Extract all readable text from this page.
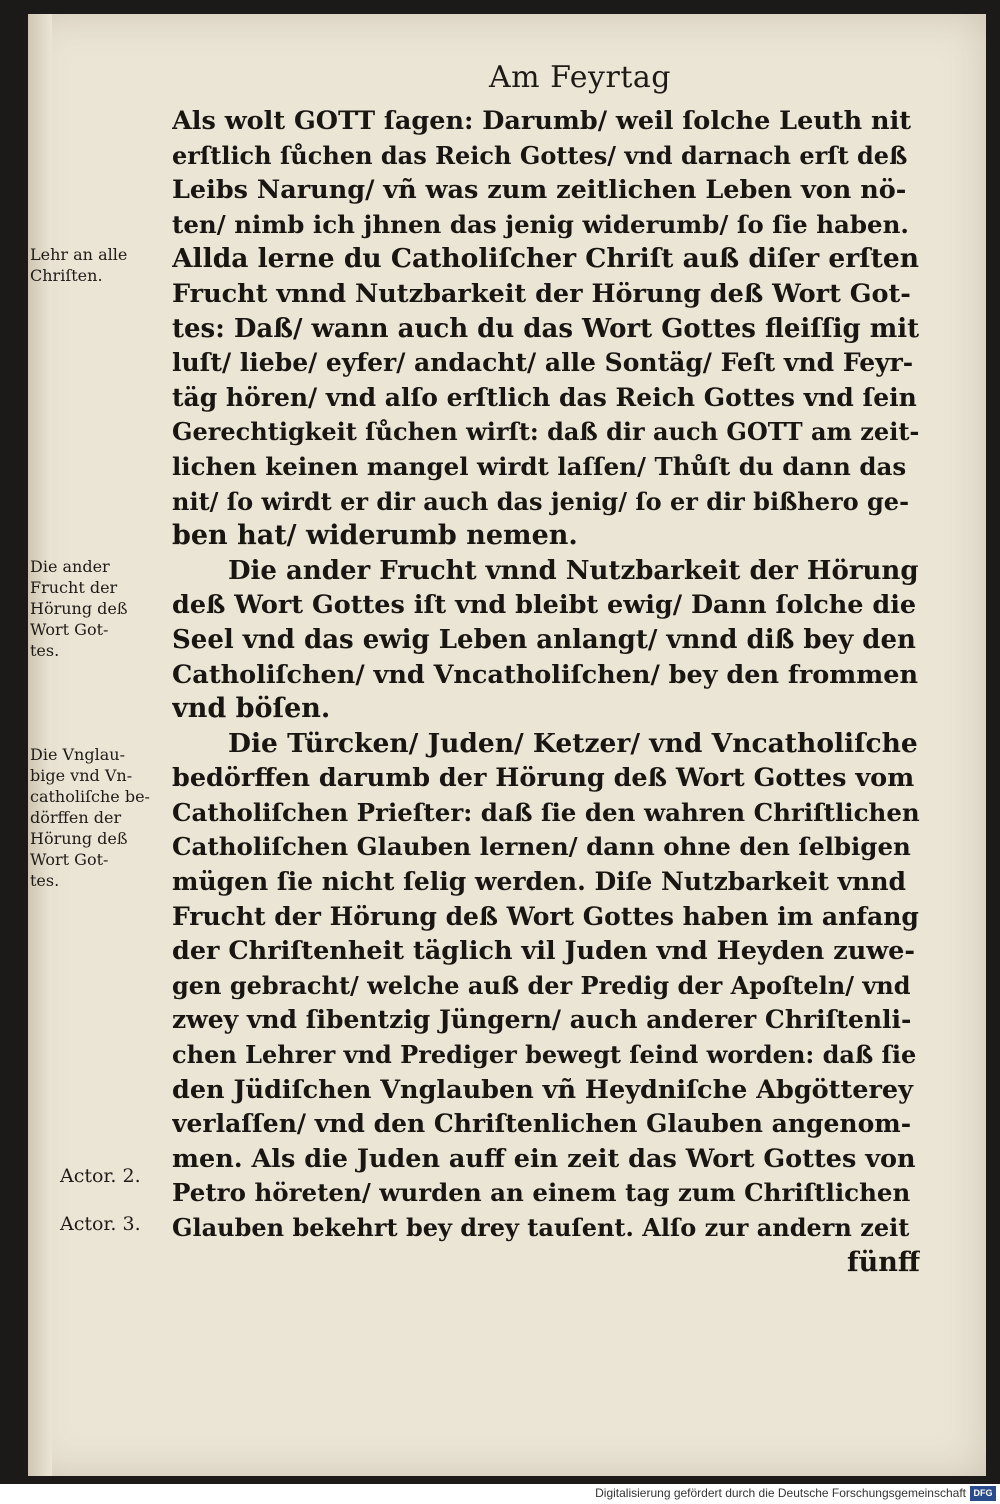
Am Feyrtag
Als wolt GOTT ſagen: Darumb/ weil ſolche Leuth nit
erſtlich ſůchen das Reich Gottes/ vnd darnach erſt deß
Leibs Narung/ vñ was zum zeitlichen Leben von nö-
ten/ nimb ich jhnen das jenig widerumb/ ſo ſie haben.
Allda lerne du Catholiſcher Chriſt auß diſer erſten
Frucht vnnd Nutzbarkeit der Hörung deß Wort Got-
tes: Daß/ wann auch du das Wort Gottes fleiſſig mit
luſt/ liebe/ eyfer/ andacht/ alle Sontäg/ Feſt vnd Feyr-
täg hören/ vnd alſo erſtlich das Reich Gottes vnd ſein
Gerechtigkeit ſůchen wirſt: daß dir auch GOTT am zeit-
lichen keinen mangel wirdt laſſen/ Thůſt du dann das
nit/ ſo wirdt er dir auch das jenig/ ſo er dir bißhero ge-
ben hat/ widerumb nemen.
Die ander Frucht vnnd Nutzbarkeit der Hörung
deß Wort Gottes iſt vnd bleibt ewig/ Dann ſolche die
Seel vnd das ewig Leben anlangt/ vnnd diß bey den
Catholiſchen/ vnd Vncatholiſchen/ bey den frommen
vnd böſen.
Die Türcken/ Juden/ Ketzer/ vnd Vncatholiſche
bedörffen darumb der Hörung deß Wort Gottes vom
Catholiſchen Prieſter: daß ſie den wahren Chriſtlichen
Catholiſchen Glauben lernen/ dann ohne den ſelbigen
mügen ſie nicht ſelig werden. Diſe Nutzbarkeit vnnd
Frucht der Hörung deß Wort Gottes haben im anfang
der Chriſtenheit täglich vil Juden vnd Heyden zuwe-
gen gebracht/ welche auß der Predig der Apoſteln/ vnd
zwey vnd ſibentzig Jüngern/ auch anderer Chriſtenli-
chen Lehrer vnd Prediger bewegt ſeind worden: daß ſie
den Jüdiſchen Vnglauben vñ Heydniſche Abgötterey
verlaſſen/ vnd den Chriſtenlichen Glauben angenom-
men. Als die Juden auff ein zeit das Wort Gottes von
Petro höreten/ wurden an einem tag zum Chriſtlichen
Glauben bekehrt bey drey tauſent. Alſo zur andern zeit
fünff
Lehr an alle
Chriſten.
Die ander
Frucht der
Hörung deß
Wort Got-
tes.
Die Vnglau-
bige vnd Vn-
catholiſche be-
dörffen der
Hörung deß
Wort Got-
tes.
Actor. 2.
Actor. 3.
Digitalisierung gefördert durch die Deutsche Forschungsgemeinschaft DFG
